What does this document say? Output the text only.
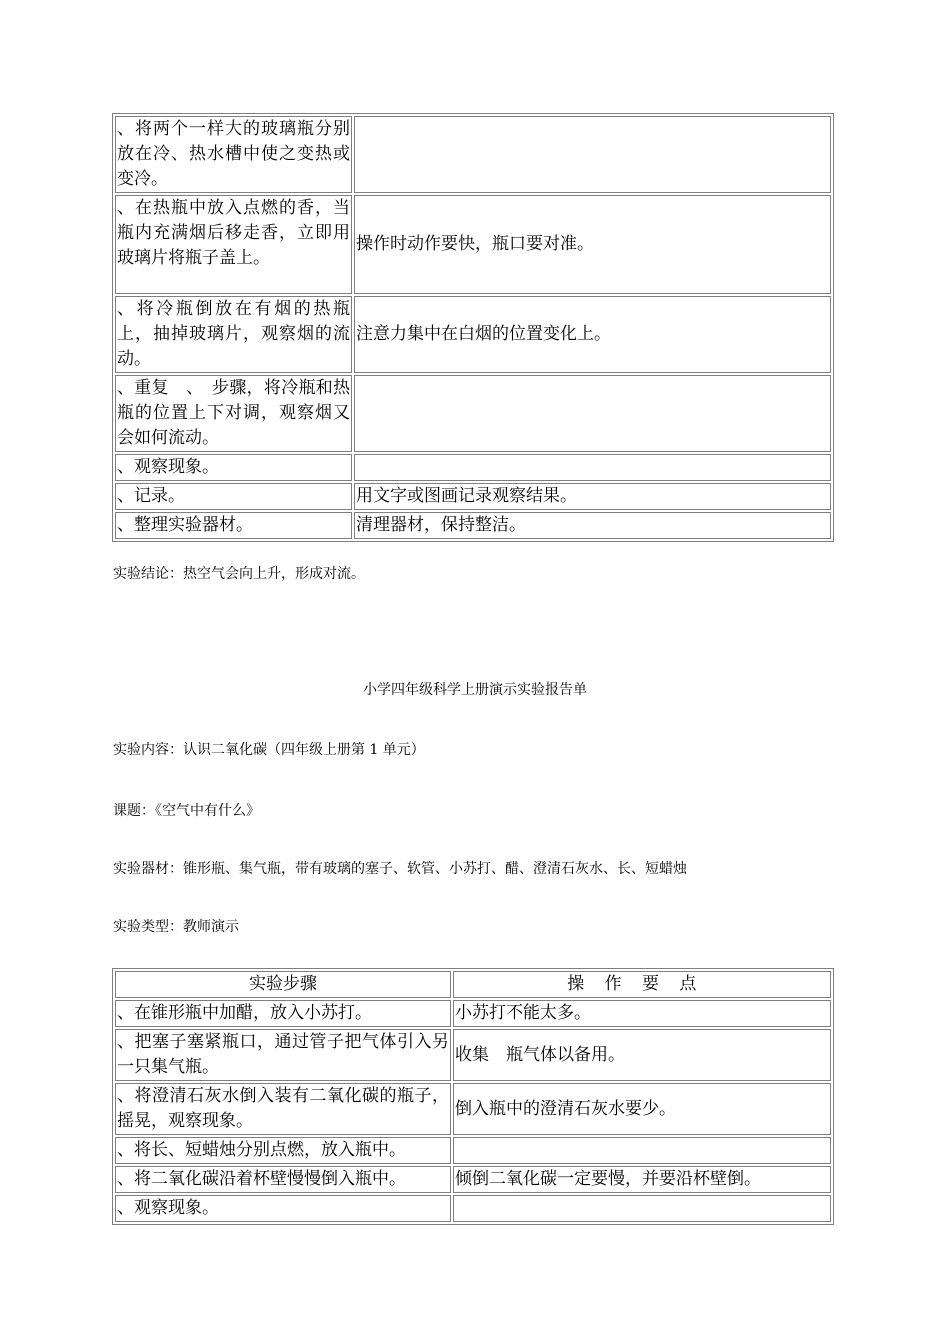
、将两个一样大的玻璃瓶分别放在冷、热水槽中使之变热或变冷。	
、在热瓶中放入点燃的香，当瓶内充满烟后移走香，立即用玻璃片将瓶子盖上。	操作时动作要快，瓶口要对准。
、将冷瓶倒放在有烟的热瓶上，抽掉玻璃片，观察烟的流动。	注意力集中在白烟的位置变化上。
、重复　、　步骤，将冷瓶和热瓶的位置上下对调，观察烟又会如何流动。	
、观察现象。	
、记录。	用文字或图画记录观察结果。
、整理实验器材。	清理器材，保持整洁。

实验结论：热空气会向上升，形成对流。

小学四年级科学上册演示实验报告单

实验内容：认识二氧化碳（四年级上册第 1 单元）

课题：《空气中有什么》

实验器材：锥形瓶、集气瓶，带有玻璃的塞子、软管、小苏打、醋、澄清石灰水、长、短蜡烛

实验类型：教师演示

实验步骤	操作要点
、在锥形瓶中加醋，放入小苏打。	小苏打不能太多。
、把塞子塞紧瓶口，通过管子把气体引入另一只集气瓶。	收集　瓶气体以备用。
、将澄清石灰水倒入装有二氧化碳的瓶子，摇晃，观察现象。	倒入瓶中的澄清石灰水要少。
、将长、短蜡烛分别点燃，放入瓶中。	
、将二氧化碳沿着杯壁慢慢倒入瓶中。	倾倒二氧化碳一定要慢，并要沿杯壁倒。
、观察现象。	
